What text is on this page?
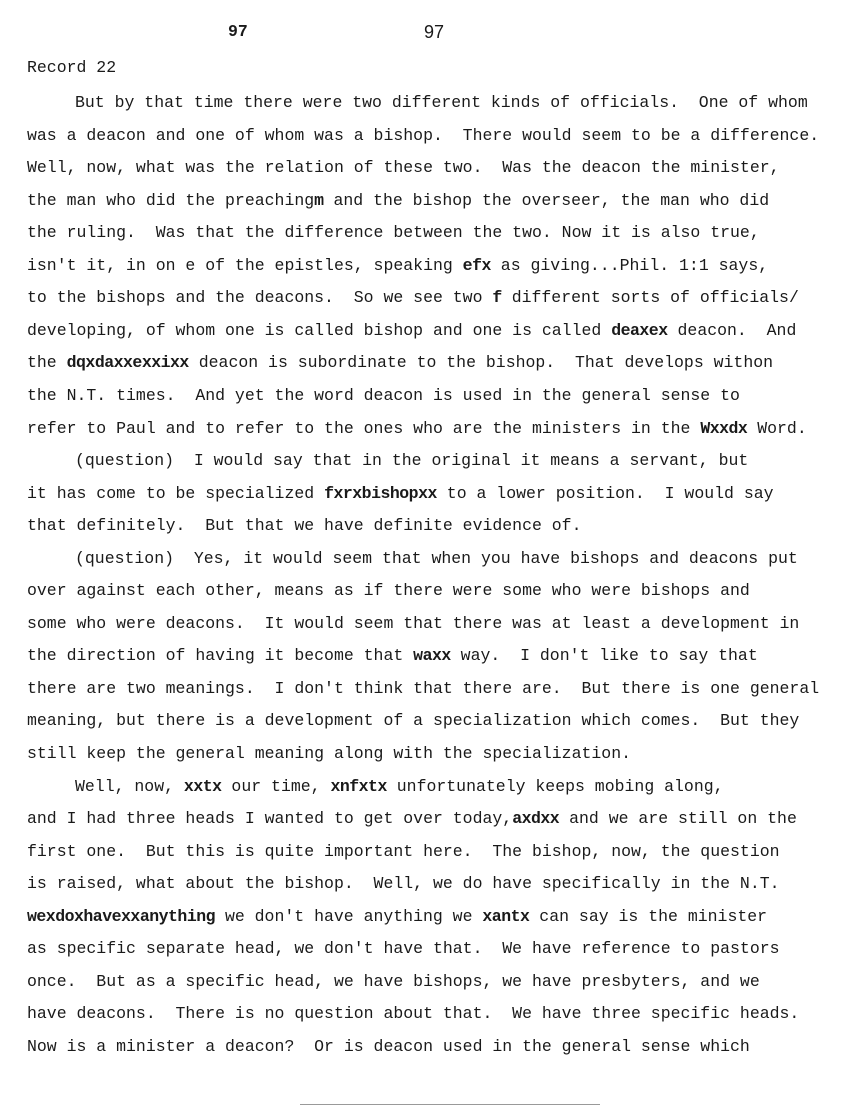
97	97
Record 22
But by that time there were two different kinds of officials.  One of whom
was a deacon and one of whom was a bishop.  There would seem to be a difference.
Well, now, what was the relation of these two.  Was the deacon the minister,
the man who did the preachingm and the bishop the overseer, the man who did
the ruling.  Was that the difference between the two. Now it is also true,
isn't it, in on e of the epistles, speaking efx as giving...Phil. 1:1 says,
to the bishops and the deacons.  So we see two f different sorts of officials/
developing, of whom one is called bishop and one is called deaxex deacon.  And
the dqxdaxxexxixx deacon is subordinate to the bishop.  That develops withon
the N.T. times.  And yet the word deacon is used in the general sense to
refer to Paul and to refer to the ones who are the ministers in the Wxxdx Word.
(question)  I would say that in the original it means a servant, but
it has come to be specialized fxrxbishopxx to a lower position.  I would say
that definitely.  But that we have definite evidence of.
(question)  Yes, it would seem that when you have bishops and deacons put
over against each other, means as if there were some who were bishops and
some who were deacons.  It would seem that there was at least a development in
the direction of having it become that waxx way.  I don't like to say that
there are two meanings.  I don't think that there are.  But there is one general
meaning, but there is a development of a specialization which comes.  But they
still keep the general meaning along with the specialization.
Well, now, xxtx our time, xnfxtx unfortunately keeps mobing along,
and I had three heads I wanted to get over today,axdxx and we are still on the
first one.  But this is quite important here.  The bishop, now, the question
is raised, what about the bishop.  Well, we do have specifically in the N.T.
wexdoxhavexxanything we don't have anything we xantx can say is the minister
as specific separate head, we don't have that.  We have reference to pastors
once.  But as a specific head, we have bishops, we have presbyters, and we
have deacons.  There is no question about that.  We have three specific heads.
Now is a minister a deacon?  Or is deacon used in the general sense which
